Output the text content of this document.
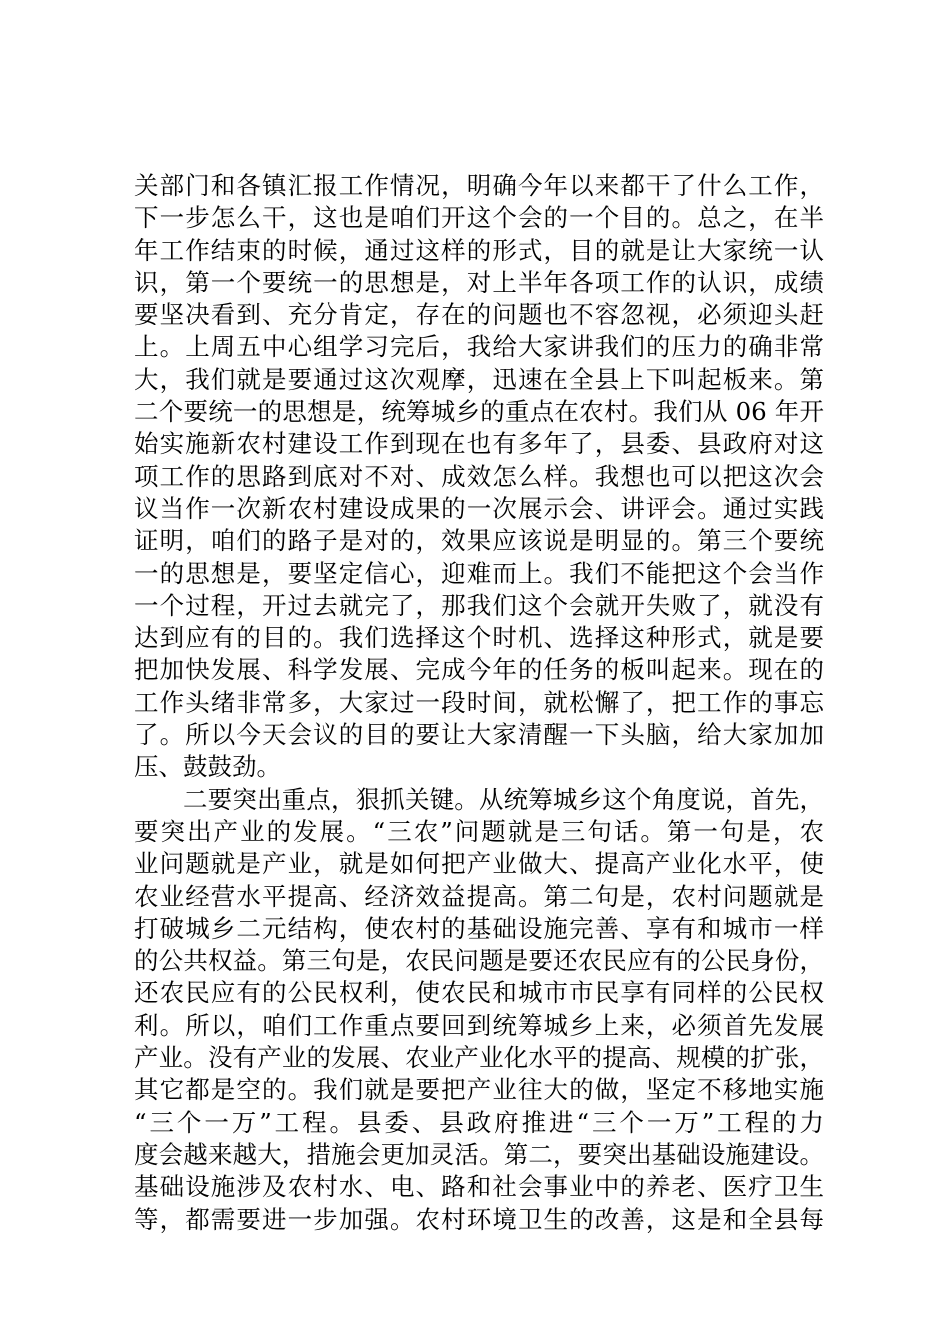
关部门和各镇汇报工作情况，明确今年以来都干了什么工作，
下一步怎么干，这也是咱们开这个会的一个目的。总之，在半
年工作结束的时候，通过这样的形式，目的就是让大家统一认
识，第一个要统一的思想是，对上半年各项工作的认识，成绩
要坚决看到、充分肯定，存在的问题也不容忽视，必须迎头赶
上。上周五中心组学习完后，我给大家讲我们的压力的确非常
大，我们就是要通过这次观摩，迅速在全县上下叫起板来。第
二个要统一的思想是，统筹城乡的重点在农村。我们从 06 年开
始实施新农村建设工作到现在也有多年了，县委、县政府对这
项工作的思路到底对不对、成效怎么样。我想也可以把这次会
议当作一次新农村建设成果的一次展示会、讲评会。通过实践
证明，咱们的路子是对的，效果应该说是明显的。第三个要统
一的思想是，要坚定信心，迎难而上。我们不能把这个会当作
一个过程，开过去就完了，那我们这个会就开失败了，就没有
达到应有的目的。我们选择这个时机、选择这种形式，就是要
把加快发展、科学发展、完成今年的任务的板叫起来。现在的
工作头绪非常多，大家过一段时间，就松懈了，把工作的事忘
了。所以今天会议的目的要让大家清醒一下头脑，给大家加加
压、鼓鼓劲。
二要突出重点，狠抓关键。从统筹城乡这个角度说，首先，
要突出产业的发展。“三农”问题就是三句话。第一句是，农
业问题就是产业，就是如何把产业做大、提高产业化水平，使
农业经营水平提高、经济效益提高。第二句是，农村问题就是
打破城乡二元结构，使农村的基础设施完善、享有和城市一样
的公共权益。第三句是，农民问题是要还农民应有的公民身份，
还农民应有的公民权利，使农民和城市市民享有同样的公民权
利。所以，咱们工作重点要回到统筹城乡上来，必须首先发展
产业。没有产业的发展、农业产业化水平的提高、规模的扩张，
其它都是空的。我们就是要把产业往大的做，坚定不移地实施
“三个一万”工程。县委、县政府推进“三个一万”工程的力
度会越来越大，措施会更加灵活。第二，要突出基础设施建设。
基础设施涉及农村水、电、路和社会事业中的养老、医疗卫生
等，都需要进一步加强。农村环境卫生的改善，这是和全县每
